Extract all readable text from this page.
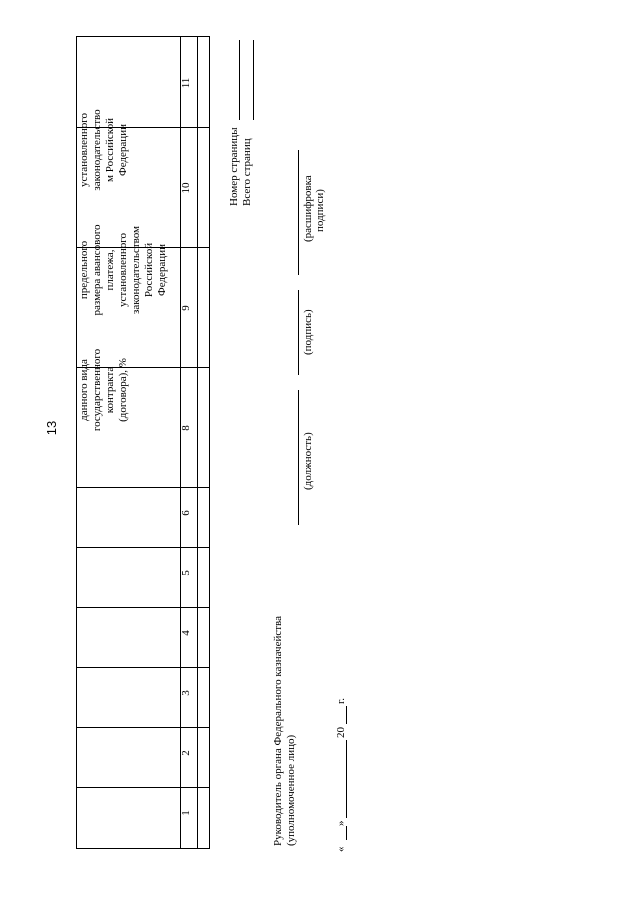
13
данного вида государственного контракта (договора), %
предельного размера авансового платежа, установленного законодательством Российской Федерации
установленного законодательство м Российской Федерации
1
2
3
4
5
6
8
9
10
11
Номер страницы Всего страниц
Руководитель органа Федерального казначейства (уполномоченное лицо)
(должность)
(подпись)
(расшифровка подписи)
«
»
20
г.
